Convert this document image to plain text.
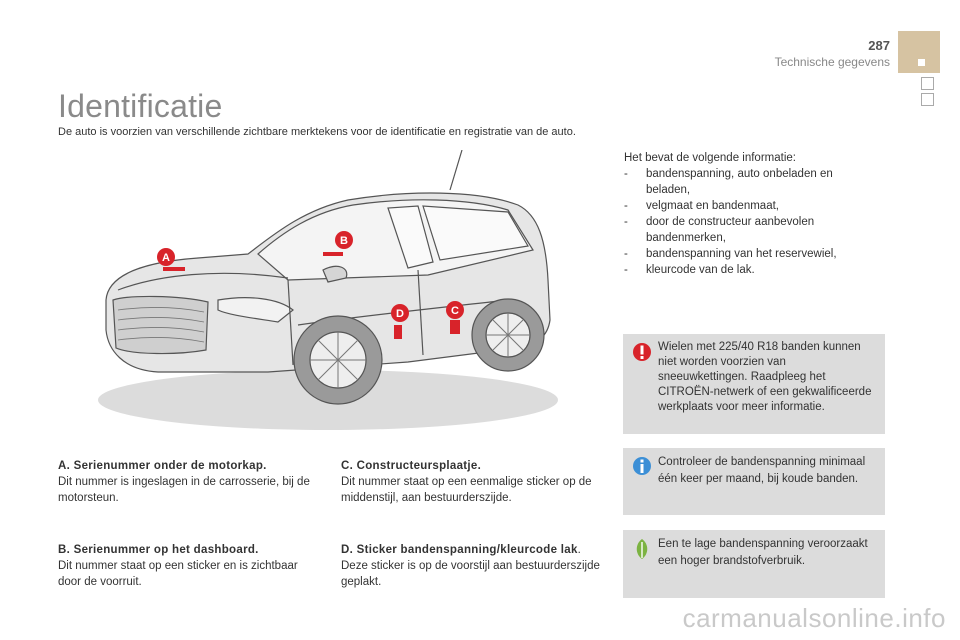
287
Technische gegevens
Identificatie
De auto is voorzien van verschillende zichtbare merktekens voor de identificatie en registratie van de auto.
A
B
C
D

Het bevat de volgende informatie:

- bandenspanning, auto onbeladen en beladen,
- velgmaat en bandenmaat,
- door de constructeur aanbevolen bandenmerken,
- bandenspanning van het reservewiel,
- kleurcode van de lak.
Wielen met 225/40 R18 banden kunnen niet worden voorzien van sneeuwkettingen. Raadpleeg het CITROËN-netwerk of een gekwalificeerde werkplaats voor meer informatie.
Controleer de bandenspanning minimaal één keer per maand, bij koude banden.
Een te lage bandenspanning veroorzaakt een hoger brandstofverbruik.
A. Serienummer onder de motorkap.
Dit nummer is ingeslagen in de carrosserie, bij de motorsteun.
B. Serienummer op het dashboard.
Dit nummer staat op een sticker en is zichtbaar door de voorruit.
C. Constructeursplaatje.
Dit nummer staat op een eenmalige sticker op de middenstijl, aan bestuurderszijde.
D. Sticker bandenspanning/kleurcode lak.
Deze sticker is op de voorstijl aan bestuurderszijde geplakt.
carmanualsonline.info
